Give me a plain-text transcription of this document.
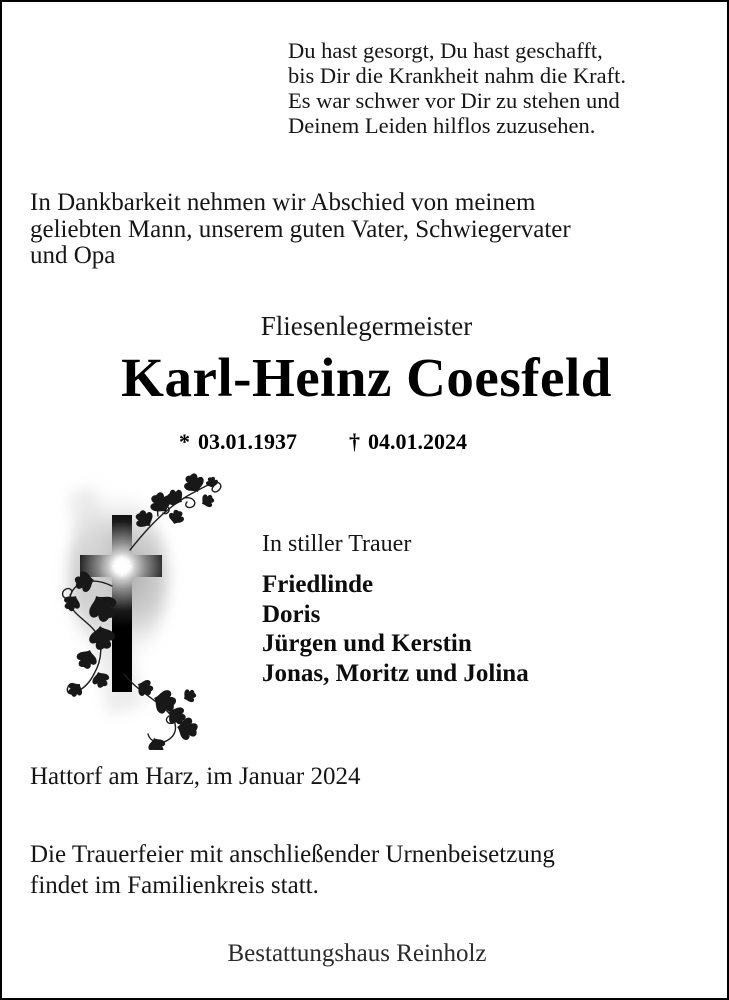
Du hast gesorgt, Du hast geschafft,
bis Dir die Krankheit nahm die Kraft.
Es war schwer vor Dir zu stehen und
Deinem Leiden hilflos zuzusehen.
In Dankbarkeit nehmen wir Abschied von meinem
geliebten Mann, unserem guten Vater, Schwiegervater
und Opa
Fliesenlegermeister
Karl-Heinz Coesfeld
* 03.01.1937 † 04.01.2024
In stiller Trauer
Friedlinde
Doris
Jürgen und Kerstin
Jonas, Moritz und Jolina
Hattorf am Harz, im Januar 2024
Die Trauerfeier mit anschließender Urnenbeisetzung
findet im Familienkreis statt.
Bestattungshaus Reinholz
